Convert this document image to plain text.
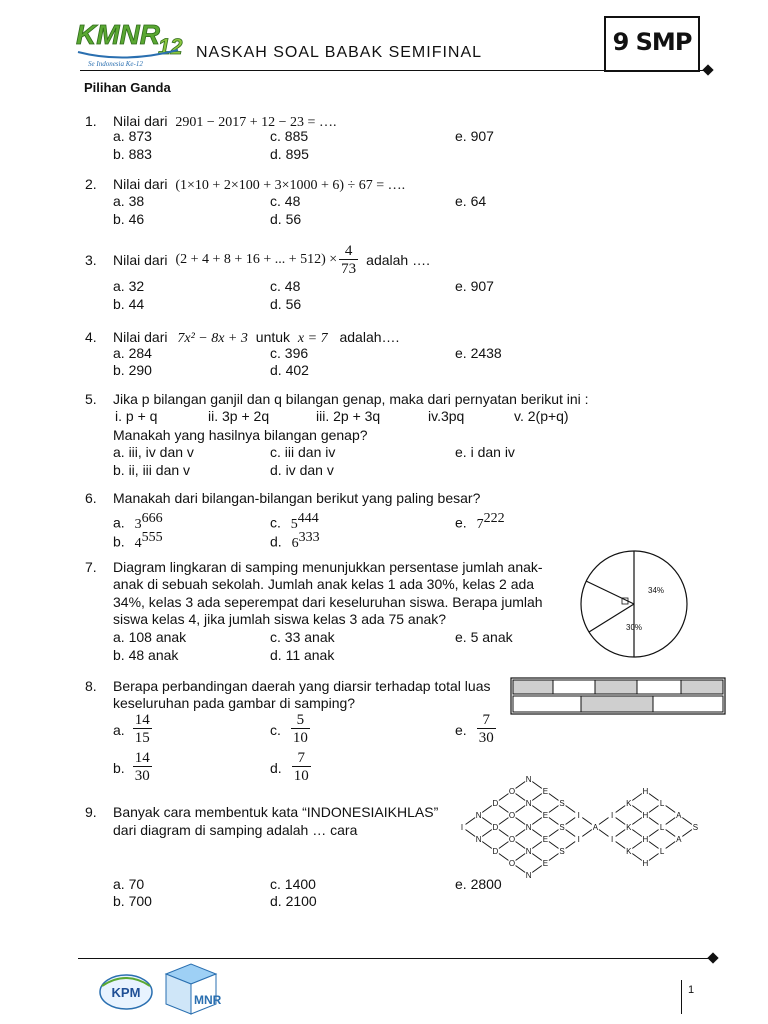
KMNR
12
Se Indonesia Ke-12
NASKAH SOAL BABAK SEMIFINAL	9 SMP
Pilihan Ganda
1. Nilai dari 2901 − 2017 + 12 − 23 = ….
a. 873	c. 885	e. 907
b. 883	d. 895
2. Nilai dari (1×10 + 2×100 + 3×1000 + 6) ÷ 67 = ….
a. 38	c. 48	e. 64
b. 46	d. 56
3. Nilai dari (2 + 4 + 8 + 16 + ... + $512) \times \frac{4}{73}$ adalah ….
a. 32	c. 48	e. 907
b. 44	d. 56
4. Nilai dari 7x² − 8x + 3 untuk x = 7 adalah….
a. 284	c. 396	e. 2438
b. 290	d. 402
5. Jika p bilangan ganjil dan q bilangan genap, maka dari pernyatan berikut ini :
i. p + q	ii. 3p + 2q	iii. 2p + 3q	iv.3pq	v. 2(p+q)
Manakah yang hasilnya bilangan genap?
a. iii, iv dan v	c. iii dan iv	e. i dan iv
b. ii, iii dan v	d. iv dan v
6. Manakah dari bilangan-bilangan berikut yang paling besar?
a. $3^{666}$	c. $5^{444}$	e. $7^{222}$
b. $4^{555}$	d. $6^{333}$
7. Diagram lingkaran di samping menunjukkan persentase jumlah anak-
anak di sebuah sekolah. Jumlah anak kelas 1 ada 30%, kelas 2 ada
34%, kelas 3 ada seperempat dari keseluruhan siswa. Berapa jumlah
siswa kelas 4, jika jumlah siswa kelas 3 ada 75 anak?
a. 108 anak	c. 33 anak	e. 5 anak
b. 48 anak	d. 11 anak
34%
30%
8. Berapa perbandingan daerah yang diarsir terhadap total luas
keseluruhan pada gambar di samping?
a. $\frac{14}{15}$	c. $\frac{5}{10}$	e. $\frac{7}{30}$
b. $\frac{14}{30}$	d. $\frac{7}{10}$
9. Banyak cara membentuk kata “INDONESIAIKHLAS”
dari diagram di samping adalah … cara
a. 70	c. 1400	e. 2800
b. 700	d. 2100
I
N
N
D
D
D
O
O
O
O
N
N
N
N
N
E
E
E
E
S
S
S
I
I
A
I
I
K
K
K
H
H
H
H
L
L
L
A
A
S
KPM	MNR
1
